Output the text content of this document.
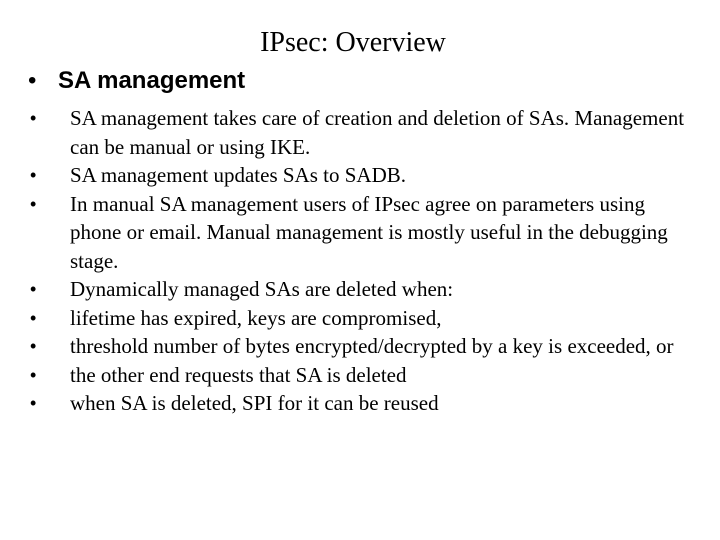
IPsec: Overview
• SA management
•	SA management takes care of creation and deletion of SAs. Management can be manual or using IKE.
•	SA management updates SAs to SADB.
•	In manual SA management users of IPsec agree on parameters using phone or email. Manual management is mostly useful in the debugging stage.
•	Dynamically managed SAs are deleted when:
•	lifetime has expired, keys are compromised,
•	threshold number of bytes encrypted/decrypted by a key is exceeded, or
•	the other end requests that SA is deleted
•	when SA is deleted, SPI for it can be reused
